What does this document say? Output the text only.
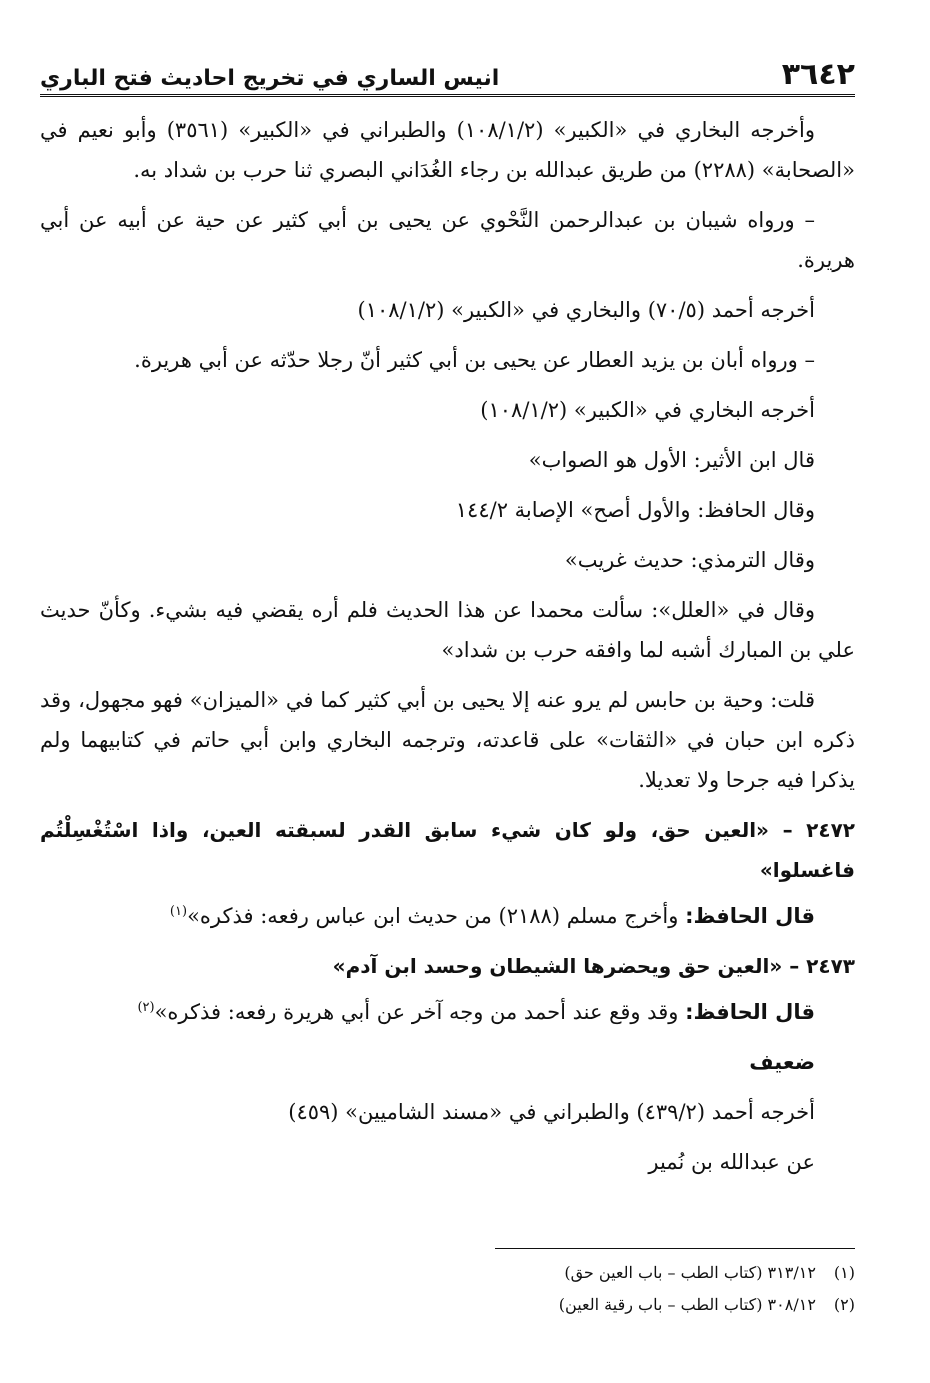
٣٦٤٢
انيس الساري في تخريج احاديث فتح الباري

وأخرجه البخاري في «الكبير» (١٠٨/١/٢) والطبراني في «الكبير» (٣٥٦١) وأبو نعيم في «الصحابة» (٢٢٨٨) من طريق عبدالله بن رجاء الغُدَاني البصري ثنا حرب بن شداد به.

– ورواه شيبان بن عبدالرحمن النَّحْوي عن يحيى بن أبي كثير عن حية عن أبيه عن أبي هريرة.

أخرجه أحمد (٧٠/٥) والبخاري في «الكبير» (١٠٨/١/٢)

– ورواه أبان بن يزيد العطار عن يحيى بن أبي كثير أنّ رجلا حدّثه عن أبي هريرة.

أخرجه البخاري في «الكبير» (١٠٨/١/٢)

قال ابن الأثير: الأول هو الصواب»

وقال الحافظ: والأول أصح» الإصابة ١٤٤/٢

وقال الترمذي: حديث غريب»

وقال في «العلل»: سألت محمدا عن هذا الحديث فلم أره يقضي فيه بشيء. وكأنّ حديث علي بن المبارك أشبه لما وافقه حرب بن شداد»

قلت: وحية بن حابس لم يرو عنه إلا يحيى بن أبي كثير كما في «الميزان» فهو مجهول، وقد ذكره ابن حبان في «الثقات» على قاعدته، وترجمه البخاري وابن أبي حاتم في كتابيهما ولم يذكرا فيه جرحا ولا تعديلا.

٢٤٧٢ – «العين حق، ولو كان شيء سابق القدر لسبقته العين، واذا اسْتُغْسِلْتُم فاغسلوا»

قال الحافظ: وأخرج مسلم (٢١٨٨) من حديث ابن عباس رفعه: فذكره»$^{(١)}$

٢٤٧٣ – «العين حق ويحضرها الشيطان وحسد ابن آدم»

قال الحافظ: وقد وقع عند أحمد من وجه آخر عن أبي هريرة رفعه: فذكره»$^{(٢)}$

ضعيف

أخرجه أحمد (٤٣٩/٢) والطبراني في «مسند الشاميين» (٤٥٩)

عن عبدالله بن نُمير

(١)
٣١٣/١٢ (كتاب الطب – باب العين حق)
(٢)
٣٠٨/١٢ (كتاب الطب – باب رقية العين)
